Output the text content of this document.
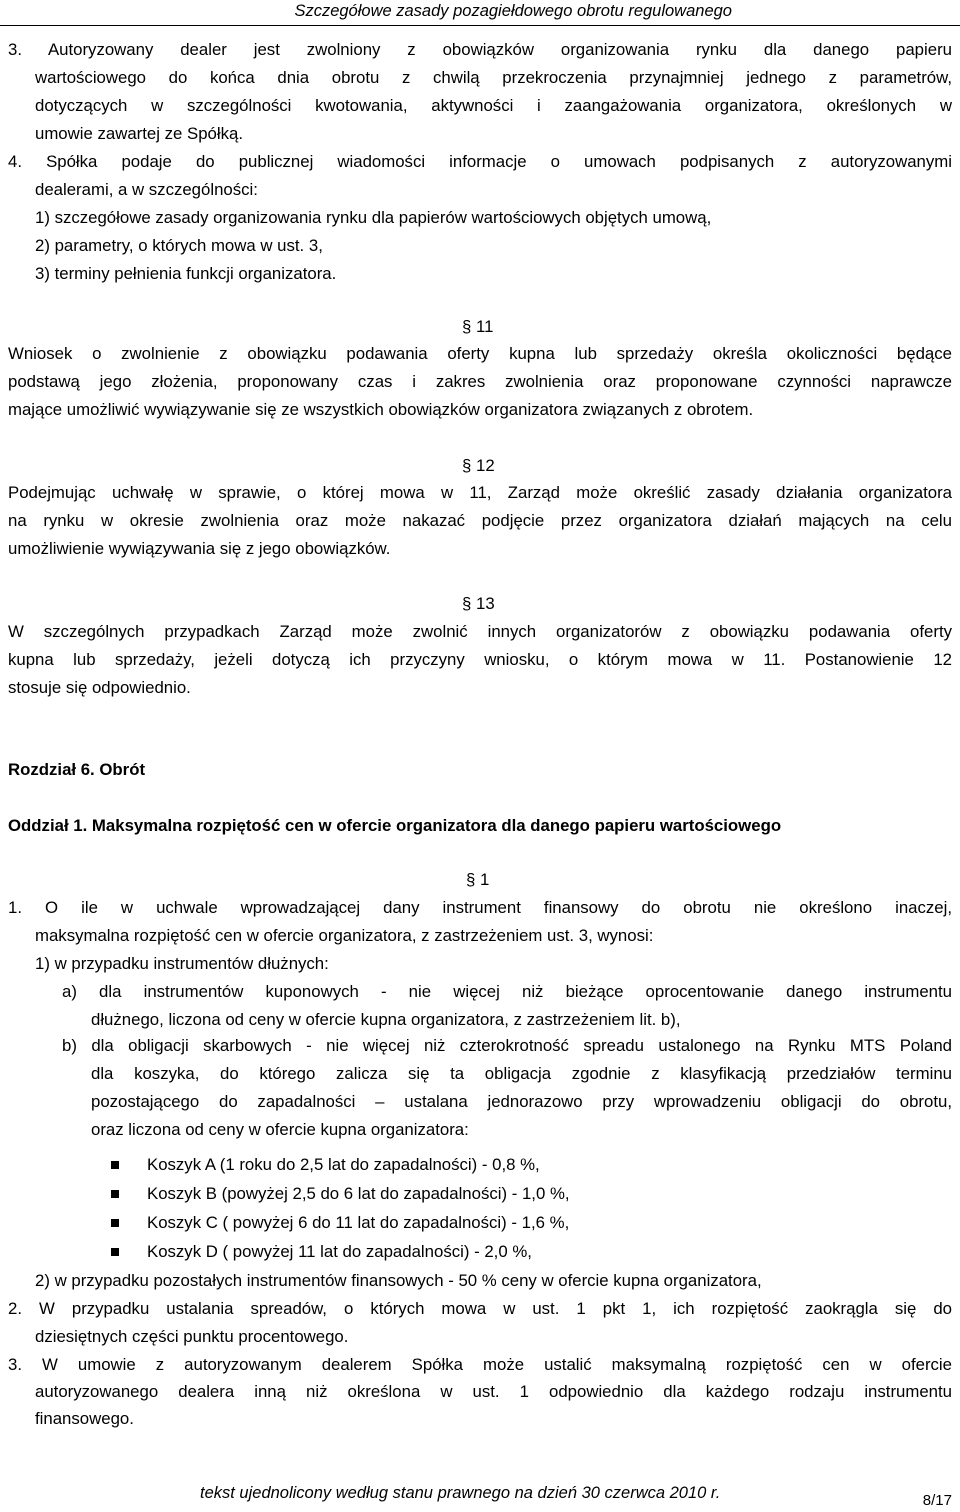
Szczegółowe zasady pozagiełdowego obrotu regulowanego
3. Autoryzowany dealer jest zwolniony z obowiązków organizowania rynku dla danego papieru
wartościowego do końca dnia obrotu z chwilą przekroczenia przynajmniej jednego z parametrów,
dotyczących w szczególności kwotowania, aktywności i zaangażowania organizatora, określonych w
umowie zawartej ze Spółką.
4. Spółka podaje do publicznej wiadomości informacje o umowach podpisanych z autoryzowanymi
dealerami, a w szczególności:
1) szczegółowe zasady organizowania rynku dla papierów wartościowych objętych umową,
2) parametry, o których mowa w ust. 3,
3) terminy pełnienia funkcji organizatora.
§ 11
Wniosek o zwolnienie z obowiązku podawania oferty kupna lub sprzedaży określa okoliczności będące
podstawą jego złożenia, proponowany czas i zakres zwolnienia oraz proponowane czynności naprawcze
mające umożliwić wywiązywanie się ze wszystkich obowiązków organizatora związanych z obrotem.
§ 12
Podejmując uchwałę w sprawie, o której mowa w 11, Zarząd może określić zasady działania organizatora
na rynku w okresie zwolnienia oraz może nakazać podjęcie przez organizatora działań mających na celu
umożliwienie wywiązywania się z jego obowiązków.
§ 13
W szczególnych przypadkach Zarząd może zwolnić innych organizatorów z obowiązku podawania oferty
kupna lub sprzedaży, jeżeli dotyczą ich przyczyny wniosku, o którym mowa w 11. Postanowienie 12
stosuje się odpowiednio.
Rozdział 6. Obrót
Oddział 1. Maksymalna rozpiętość cen w ofercie organizatora dla danego papieru wartościowego
§ 1
1. O ile w uchwale wprowadzającej dany instrument finansowy do obrotu nie określono inaczej,
maksymalna rozpiętość cen w ofercie organizatora, z zastrzeżeniem ust. 3, wynosi:
1) w przypadku instrumentów dłużnych:
a) dla instrumentów kuponowych - nie więcej niż bieżące oprocentowanie danego instrumentu
dłużnego, liczona od ceny w ofercie kupna organizatora, z zastrzeżeniem lit. b),
b) dla obligacji skarbowych - nie więcej niż czterokrotność spreadu ustalonego na Rynku MTS Poland
dla koszyka, do którego zalicza się ta obligacja zgodnie z klasyfikacją przedziałów terminu
pozostającego do zapadalności – ustalana jednorazowo przy wprowadzeniu obligacji do obrotu,
oraz liczona od ceny w ofercie kupna organizatora:
Koszyk A (1 roku do 2,5 lat do zapadalności) - 0,8 %,
Koszyk B (powyżej 2,5 do 6 lat do zapadalności) - 1,0 %,
Koszyk C ( powyżej 6 do 11 lat do zapadalności) - 1,6 %,
Koszyk D ( powyżej 11 lat do zapadalności) - 2,0 %,
2) w przypadku pozostałych instrumentów finansowych - 50 % ceny w ofercie kupna organizatora,
2. W przypadku ustalania spreadów, o których mowa w ust. 1 pkt 1, ich rozpiętość zaokrągla się do
dziesiętnych części punktu procentowego.
3. W umowie z autoryzowanym dealerem Spółka może ustalić maksymalną rozpiętość cen w ofercie
autoryzowanego dealera inną niż określona w ust. 1 odpowiednio dla każdego rodzaju instrumentu
finansowego.
tekst ujednolicony według stanu prawnego na dzień 30 czerwca 2010 r.	8/17
